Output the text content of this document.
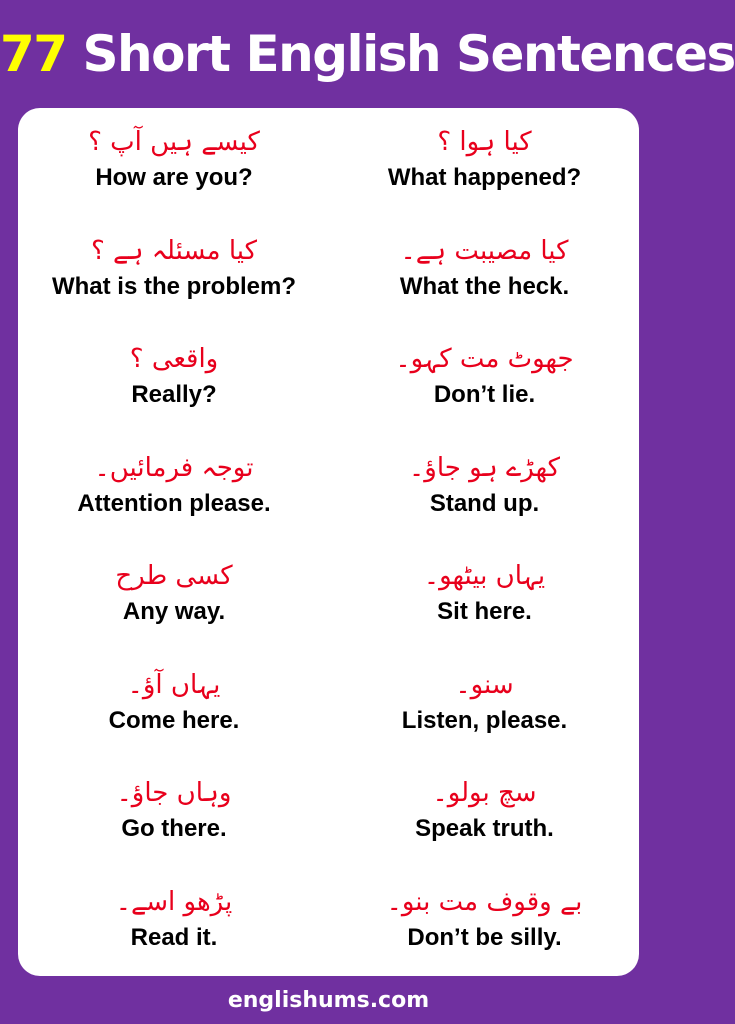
77 Short English Sentences
کیسے ہیں آپ ؟
How are you?
کیا ہوا ؟
What happened?
کیا مسئلہ ہے ؟
What is the problem?
کیا مصیبت ہے۔
What the heck.
واقعی ؟
Really?
جھوٹ مت کہو۔
Don’t lie.
توجہ فرمائیں۔
Attention please.
کھڑے ہو جاؤ۔
Stand up.
کسی طرح
Any way.
یہاں بیٹھو۔
Sit here.
یہاں آؤ۔
Come here.
سنو۔
Listen, please.
وہاں جاؤ۔
Go there.
سچ بولو۔
Speak truth.
پڑھو اسے۔
Read it.
بے وقوف مت بنو۔
Don’t be silly.
englishums.com
